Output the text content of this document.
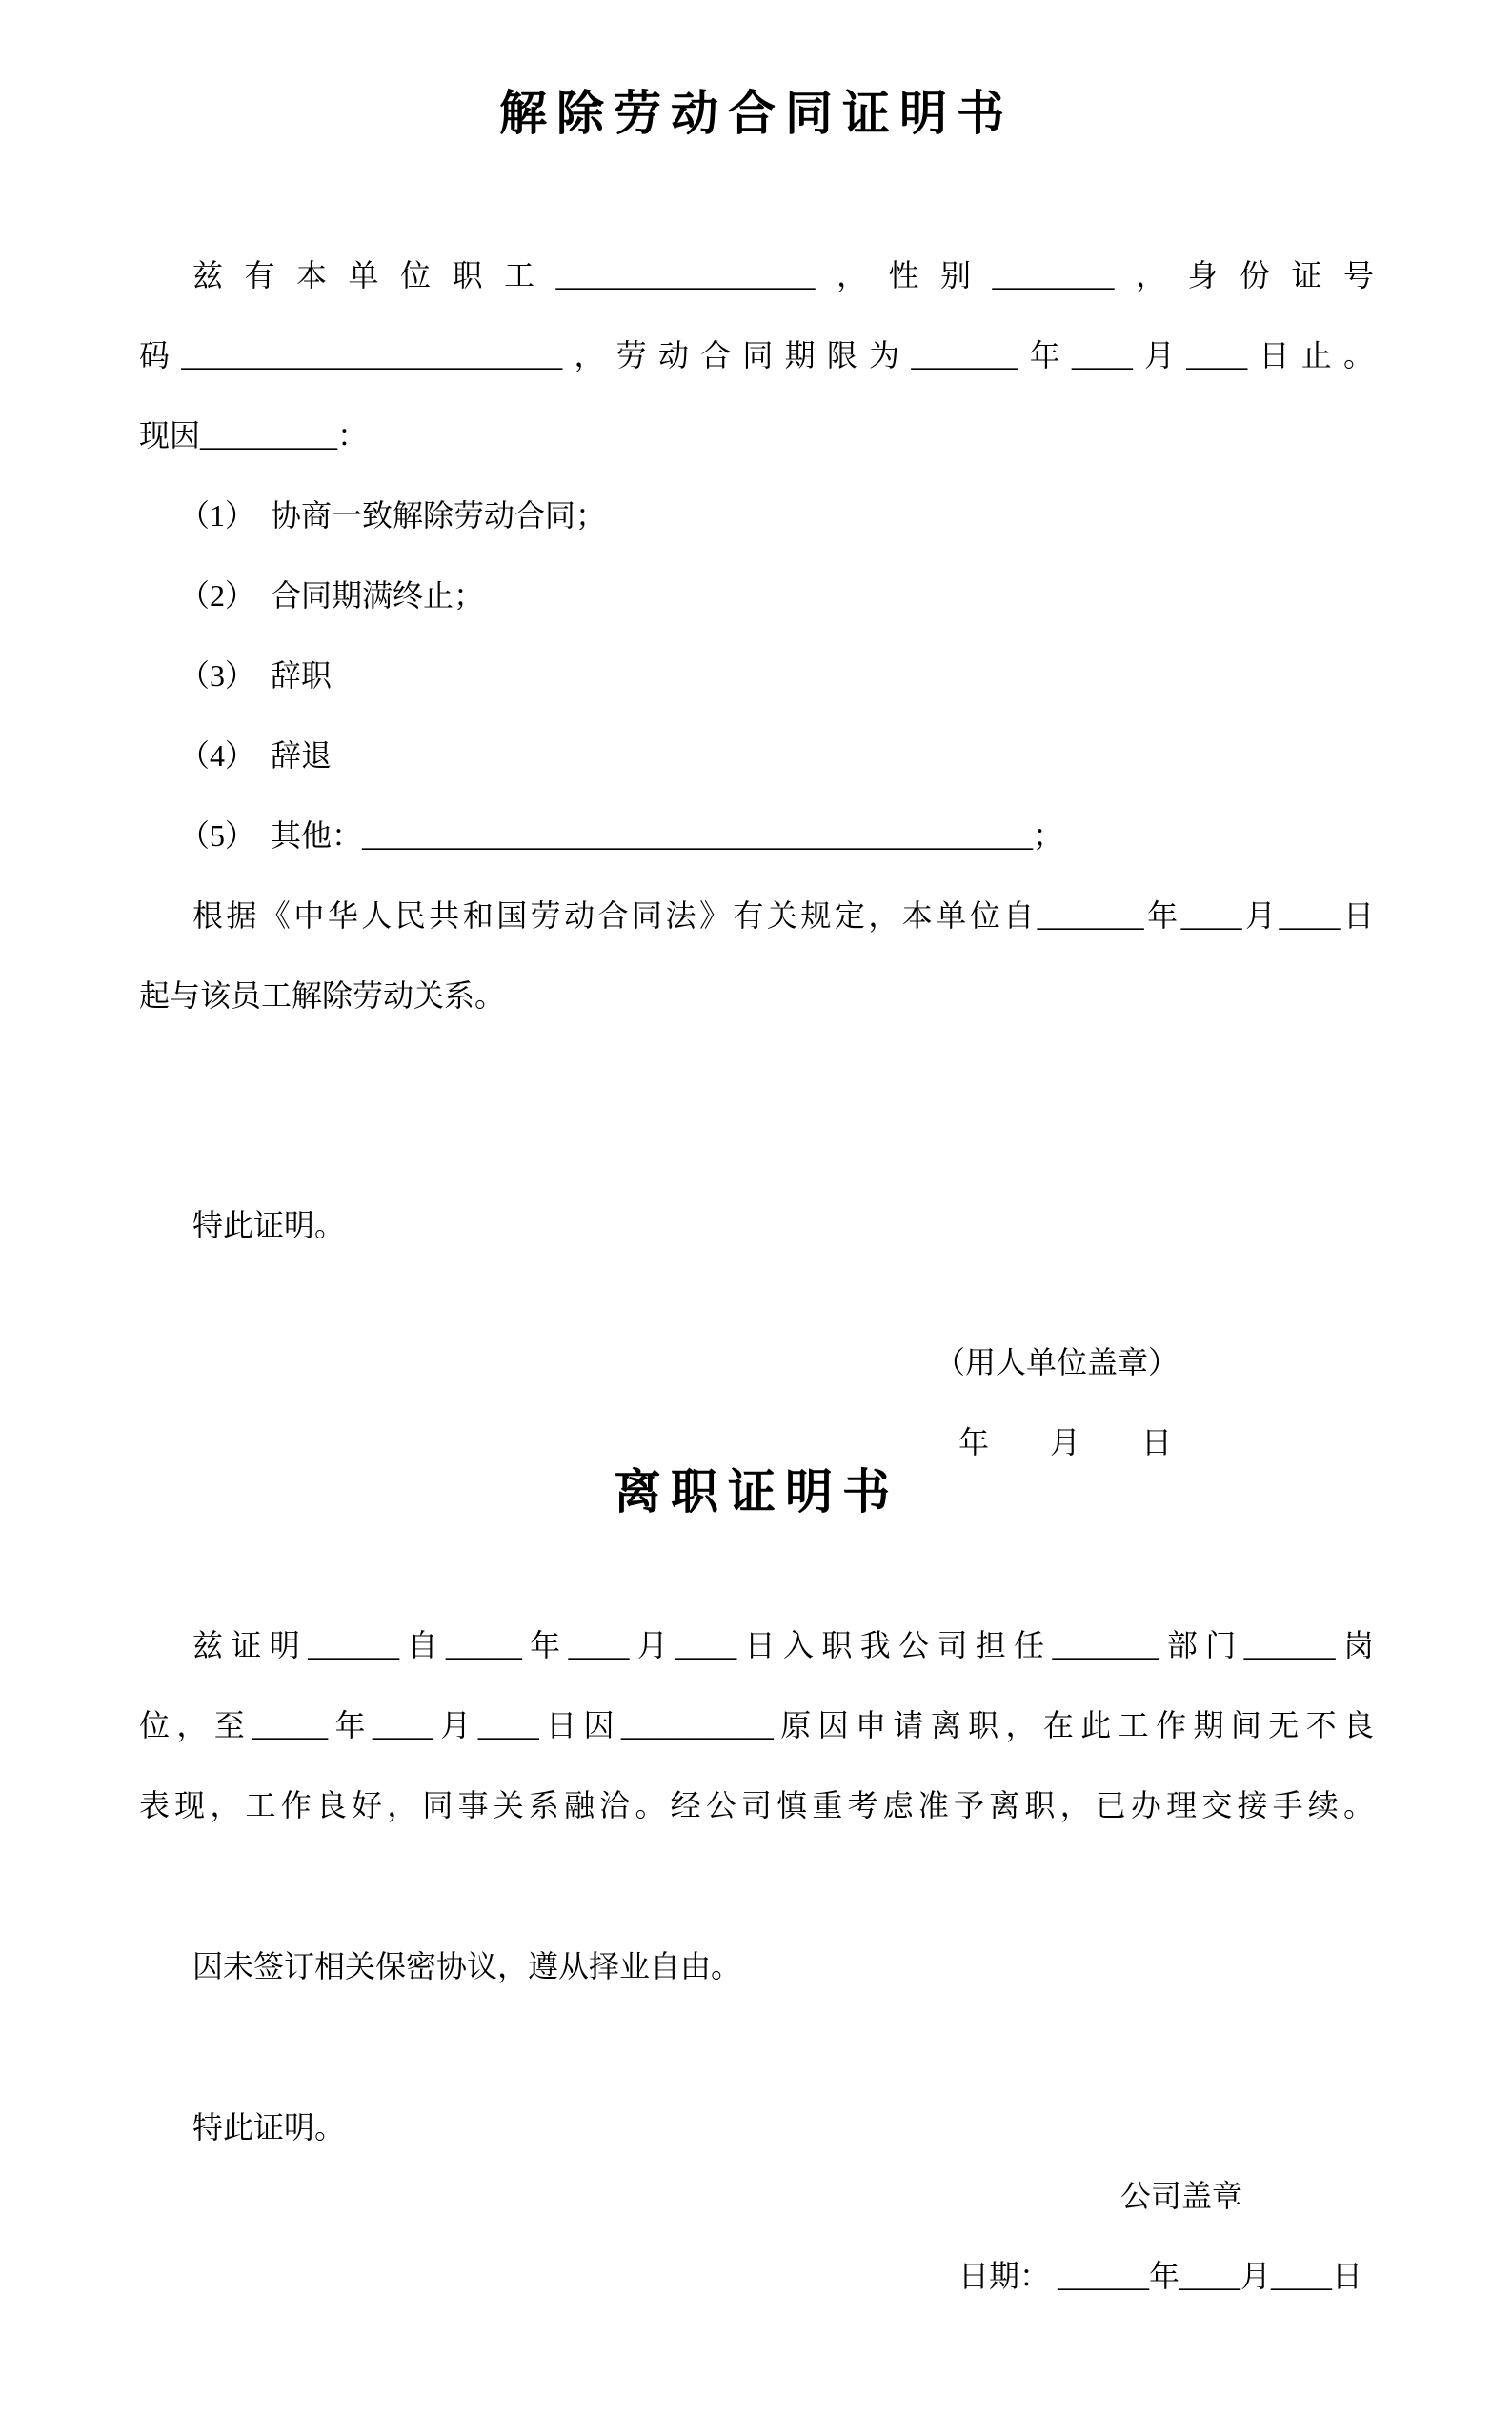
解除劳动合同证明书
兹有本单位职工_________________，性别________，身份证号
码_________________________，劳动合同期限为_______年____月____日止。
现因_________：
（1）　协商一致解除劳动合同；
（2）　合同期满终止；
（3）　辞职
（4）　辞退
（5）　其他：____________________________________________；
根据《中华人民共和国劳动合同法》有关规定，本单位自_______年____月____日
起与该员工解除劳动关系。
特此证明。
（用人单位盖章）
年　　月　　日
离职证明书
兹证明______自_____年____月____日入职我公司担任_______部门______岗
位，至_____年____月____日因__________原因申请离职，在此工作期间无不良
表现，工作良好，同事关系融洽。经公司慎重考虑准予离职，已办理交接手续。
因未签订相关保密协议，遵从择业自由。
特此证明。
公司盖章
日期： ______年____月____日
